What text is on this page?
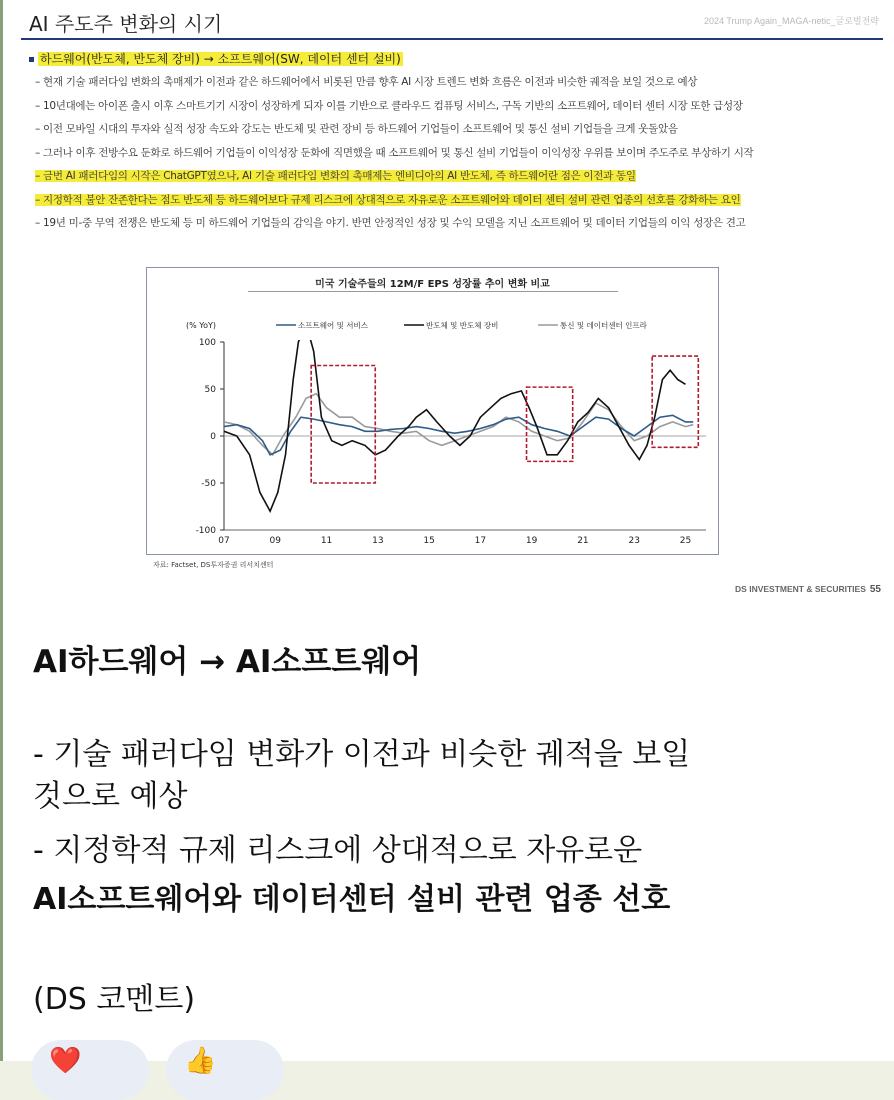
AI 주도주 변화의 시기	2024 Trump Again_MAGA-netic_글로벌전략
하드웨어(반도체, 반도체 장비) → 소프트웨어(SW, 데이터 센터 설비)
– 현재 기술 패러다임 변화의 촉매제가 이전과 같은 하드웨어에서 비롯된 만큼 향후 AI 시장 트렌드 변화 흐름은 이전과 비슷한 궤적을 보일 것으로 예상
– 10년대에는 아이폰 출시 이후 스마트기기 시장이 성장하게 되자 이를 기반으로 클라우드 컴퓨팅 서비스, 구독 기반의 소프트웨어, 데이터 센터 시장 또한 급성장
– 이전 모바일 시대의 투자와 실적 성장 속도와 강도는 반도체 및 관련 장비 등 하드웨어 기업들이 소프트웨어 및 통신 설비 기업들을 크게 웃돌았음
– 그러나 이후 전방수요 둔화로 하드웨어 기업들이 이익성장 둔화에 직면했을 때 소프트웨어 및 통신 설비 기업들이 이익성장 우위를 보이며 주도주로 부상하기 시작
– 금번 AI 패러다임의 시작은 ChatGPT였으나, AI 기술 패러다임 변화의 촉매제는 엔비디아의 AI 반도체, 즉 하드웨어란 점은 이전과 동일
– 지정학적 불안 잔존한다는 점도 반도체 등 하드웨어보다 규제 리스크에 상대적으로 자유로운 소프트웨어와 데이터 센터 설비 관련 업종의 선호를 강화하는 요인
– 19년 미-중 무역 전쟁은 반도체 등 미 하드웨어 기업들의 감익을 야기. 반면 안정적인 성장 및 수익 모델을 지닌 소프트웨어 및 데이터 기업들의 이익 성장은 견고
미국 기술주들의 12M/F EPS 성장률 추이 변화 비교
100
50
0
-50
-100
07	09	11	13	15	17	19	21	23	25
(% YoY)	소프트웨어 및 서비스	반도체 및 반도체 장비	통신 및 데이터센터 인프라
자료: Factset, DS투자증권 리서치센터
DS INVESTMENT & SECURITIES 55
AI하드웨어 → AI소프트웨어
- 기술 패러다임 변화가 이전과 비슷한 궤적을 보일
것으로 예상
- 지정학적 규제 리스크에 상대적으로 자유로운
AI소프트웨어와 데이터센터 설비 관련 업종 선호
(DS 코멘트)
❤️	👍
